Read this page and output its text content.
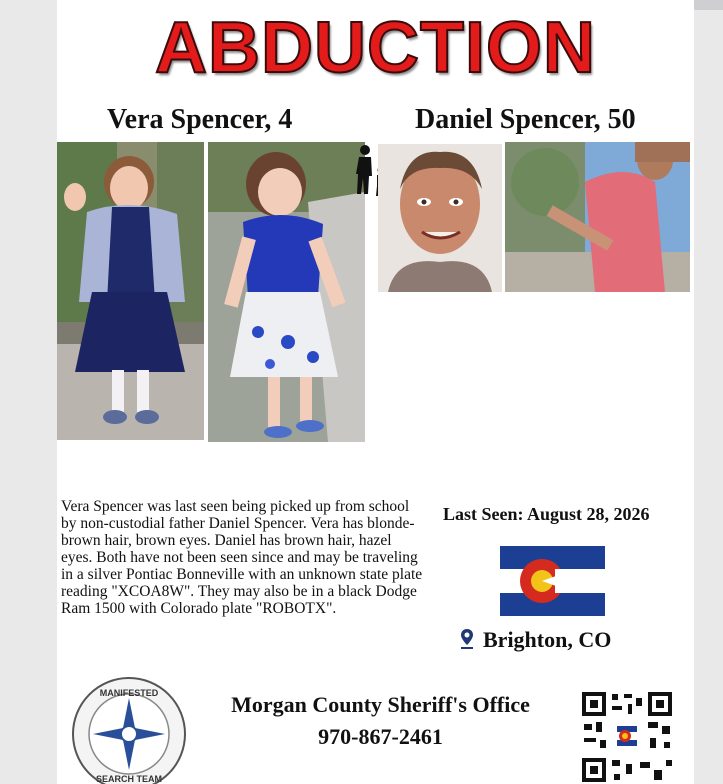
ABDUCTION
Vera Spencer, 4	Daniel Spencer, 50
Vera Spencer was last seen being picked up from school by non-custodial father Daniel Spencer. Vera has blonde-brown hair, brown eyes. Daniel has brown hair, hazel eyes. Both have not been seen since and may be traveling in a silver Pontiac Bonneville with an unknown state plate reading "XCOA8W". They may also be in a black Dodge Ram 1500 with Colorado plate "ROBOTX".
Last Seen: August 28, 2026
Brighton, CO
MANIFESTED
SEARCH TEAM
Morgan County Sheriff's Office
970-867-2461
